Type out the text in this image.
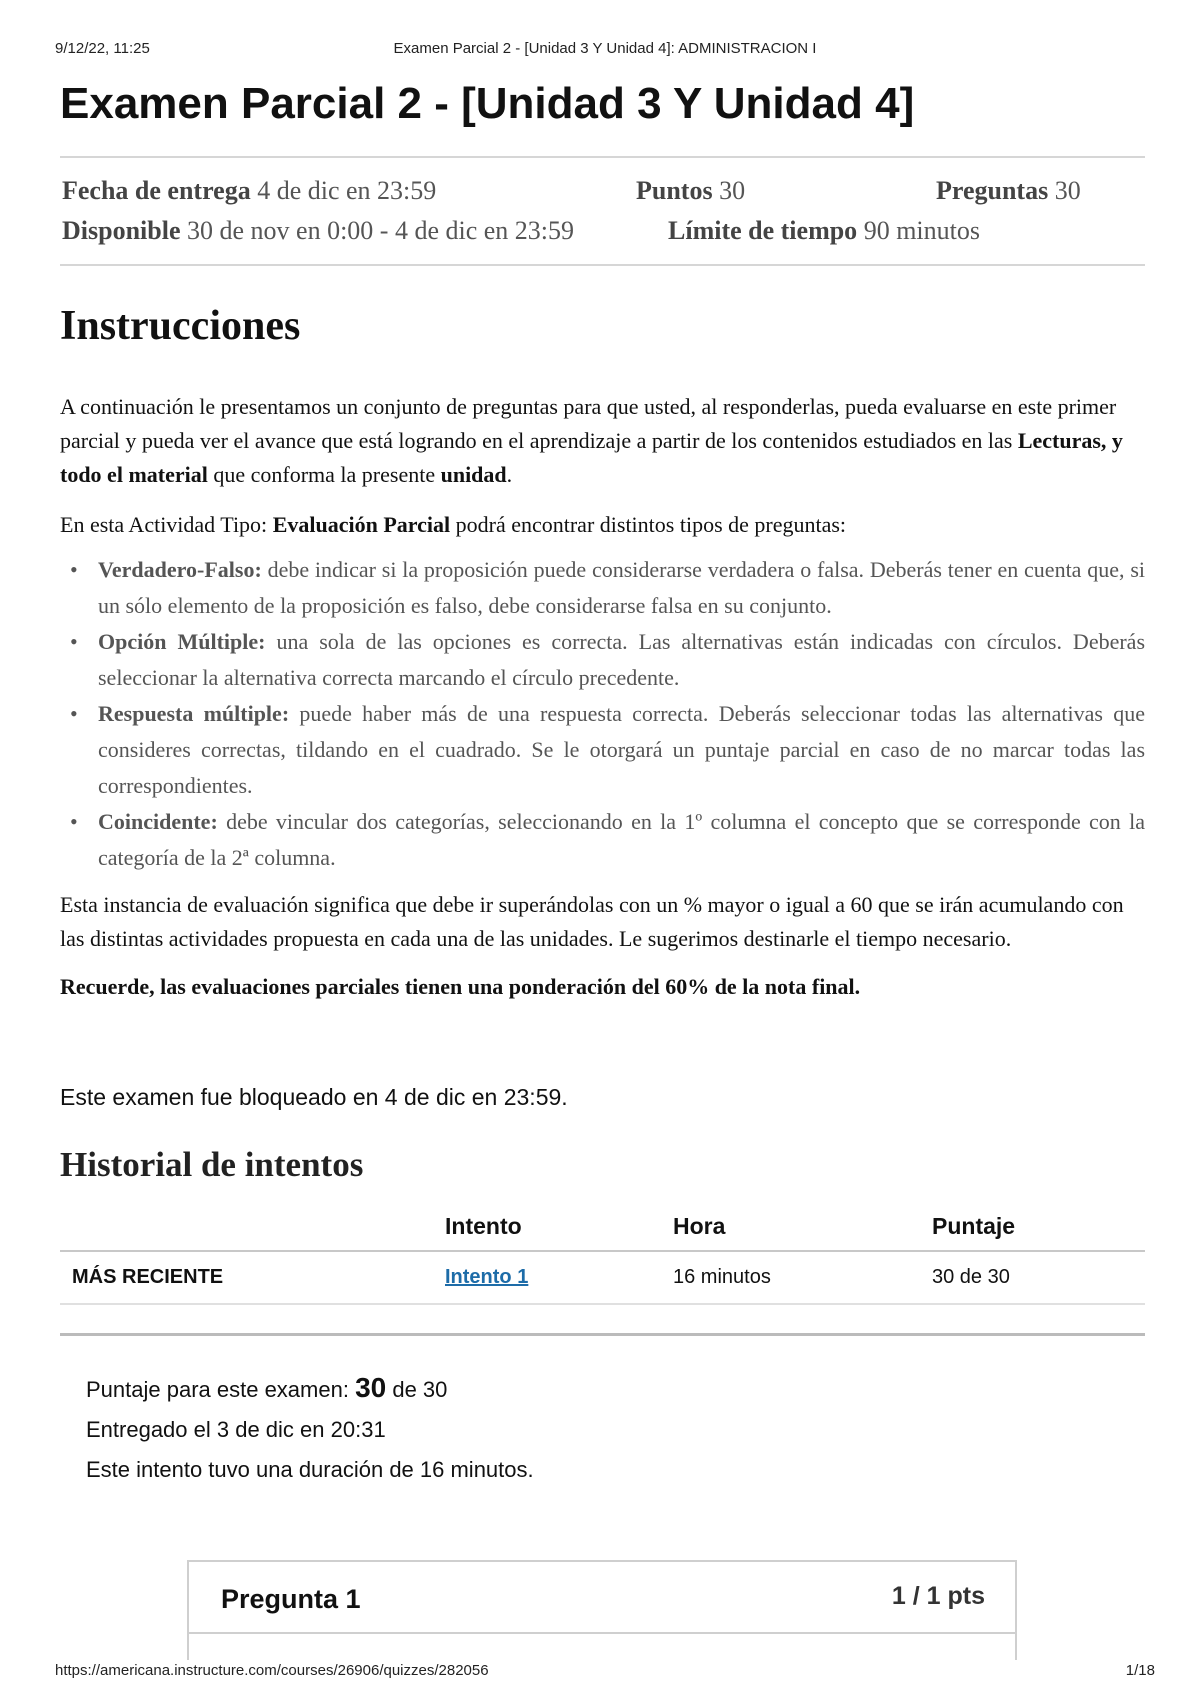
9/12/22, 11:25	Examen Parcial 2 - [Unidad 3 Y Unidad 4]: ADMINISTRACION I
Examen Parcial 2 - [Unidad 3 Y Unidad 4]
Fecha de entrega 4 de dic en 23:59	Puntos 30	Preguntas 30
Disponible 30 de nov en 0:00 - 4 de dic en 23:59	Límite de tiempo 90 minutos
Instrucciones

A continuación le presentamos un conjunto de preguntas para que usted, al responderlas, pueda evaluarse en este primer parcial y pueda ver el avance que está logrando en el aprendizaje a partir de los contenidos estudiados en las Lecturas, y todo el material que conforma la presente unidad.

En esta Actividad Tipo: Evaluación Parcial podrá encontrar distintos tipos de preguntas:

• Verdadero-Falso: debe indicar si la proposición puede considerarse verdadera o falsa. Deberás tener en cuenta que, si un sólo elemento de la proposición es falso, debe considerarse falsa en su conjunto.
• Opción Múltiple: una sola de las opciones es correcta. Las alternativas están indicadas con círculos. Deberás seleccionar la alternativa correcta marcando el círculo precedente.
• Respuesta múltiple: puede haber más de una respuesta correcta. Deberás seleccionar todas las alternativas que consideres correctas, tildando en el cuadrado. Se le otorgará un puntaje parcial en caso de no marcar todas las correspondientes.
• Coincidente: debe vincular dos categorías, seleccionando en la 1º columna el concepto que se corresponde con la categoría de la 2ª columna.

Esta instancia de evaluación significa que debe ir superándolas con un % mayor o igual a 60 que se irán acumulando con las distintas actividades propuesta en cada una de las unidades. Le sugerimos destinarle el tiempo necesario.

Recuerde, las evaluaciones parciales tienen una ponderación del 60% de la nota final.

Este examen fue bloqueado en 4 de dic en 23:59.

Historial de intentos
	Intento	Hora	Puntaje
MÁS RECIENTE	Intento 1	16 minutos	30 de 30
Puntaje para este examen: 30 de 30
Entregado el 3 de dic en 20:31
Este intento tuvo una duración de 16 minutos.
Pregunta 1	1 / 1 pts
https://americana.instructure.com/courses/26906/quizzes/282056	1/18
